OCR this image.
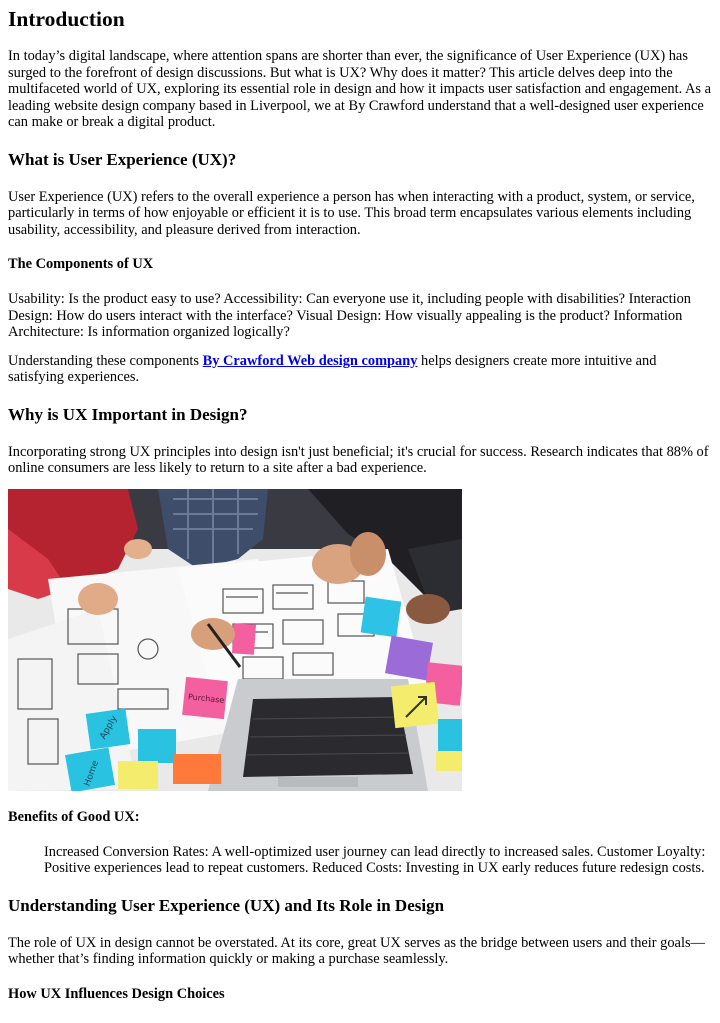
Introduction

In today’s digital landscape, where attention spans are shorter than ever, the significance of User Experience (UX) has surged to the forefront of design discussions. But what is UX? Why does it matter? This article delves deep into the multifaceted world of UX, exploring its essential role in design and how it impacts user satisfaction and engagement. As a leading website design company based in Liverpool, we at By Crawford understand that a well-designed user experience can make or break a digital product.

What is User Experience (UX)?

User Experience (UX) refers to the overall experience a person has when interacting with a product, system, or service, particularly in terms of how enjoyable or efficient it is to use. This broad term encapsulates various elements including usability, accessibility, and pleasure derived from interaction.

The Components of UX

Usability: Is the product easy to use? Accessibility: Can everyone use it, including people with disabilities? Interaction Design: How do users interact with the interface? Visual Design: How visually appealing is the product? Information Architecture: Is information organized logically?

Understanding these components By Crawford Web design company helps designers create more intuitive and satisfying experiences.

Why is UX Important in Design?

Incorporating strong UX principles into design isn't just beneficial; it's crucial for success. Research indicates that 88% of online consumers are less likely to return to a site after a bad experience.

Apply
Purchase
Home
Benefits of Good UX:
Increased Conversion Rates: A well-optimized user journey can lead directly to increased sales. Customer Loyalty: Positive experiences lead to repeat customers. Reduced Costs: Investing in UX early reduces future redesign costs.
Understanding User Experience (UX) and Its Role in Design

The role of UX in design cannot be overstated. At its core, great UX serves as the bridge between users and their goals—whether that’s finding information quickly or making a purchase seamlessly.

How UX Influences Design Choices
